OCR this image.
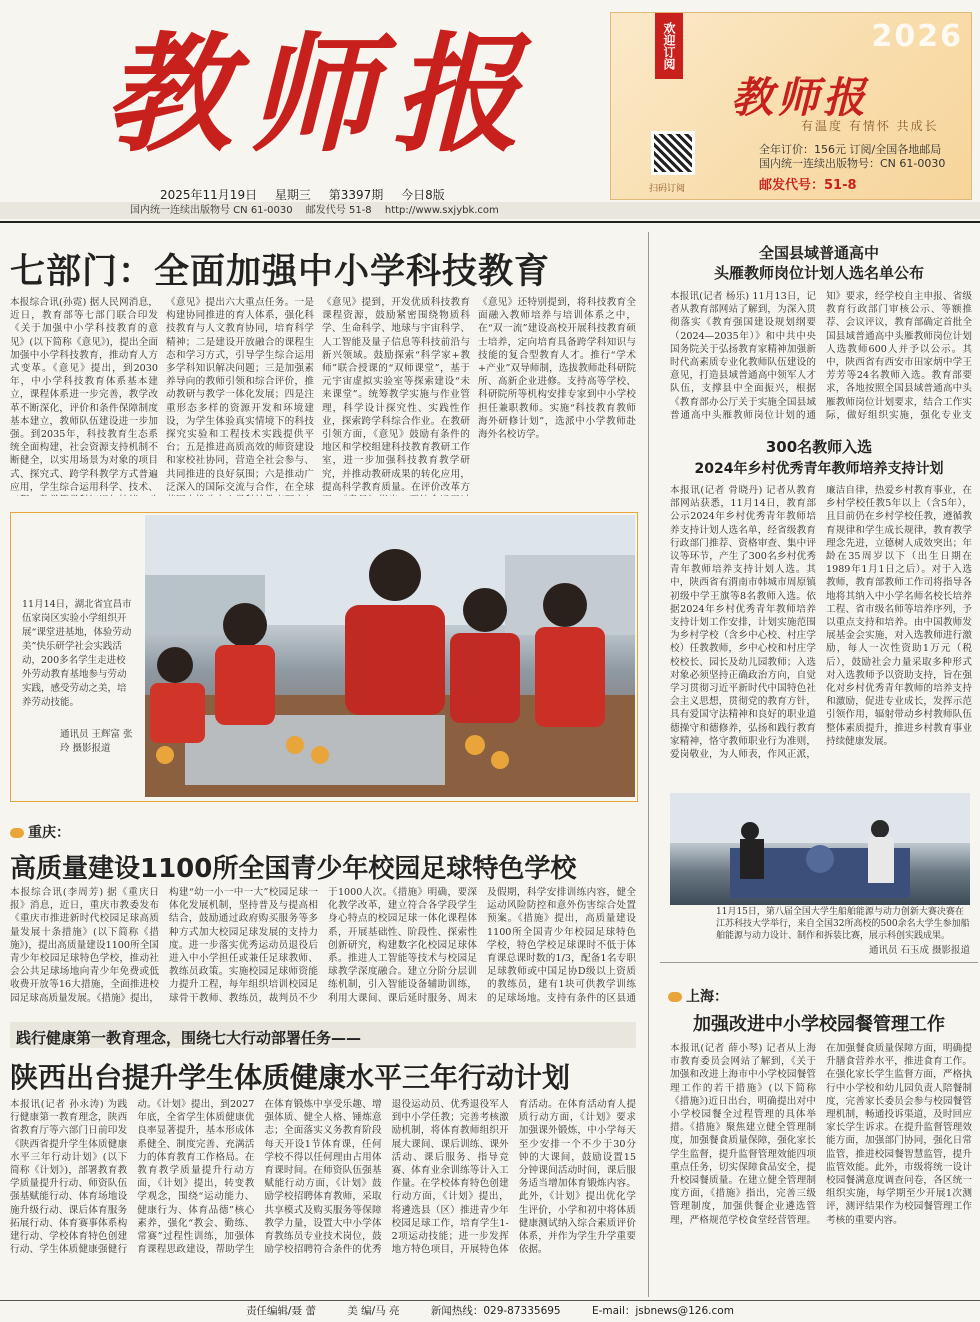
教师报
2025年11月19日 星期三 第3397期 今日8版
国内统一连续出版物号 CN 61-0030 邮发代号 51-8 http://www.sxjybk.com
欢迎订阅	2026
教师报
有温度 有情怀 共成长
扫码订阅
全年订价：156元 订阅/全国各地邮局
国内统一连续出版物号：CN 61-0030
邮发代号：51-8
七部门：全面加强中小学科技教育
本报综合讯(孙霓) 据人民网消息，近日，教育部等七部门联合印发《关于加强中小学科技教育的意见》(以下简称《意见》)，提出全面加强中小学科技教育，推动育人方式变革。《意见》提出，到2030年，中小学科技教育体系基本建立，课程体系进一步完善，教学改革不断深化，评价和条件保障制度基本建立，教师队伍建设进一步加强。到2035年，科技教育生态系统全面构建，社会资源支持机制不断健全，以实用场景为对象的项目式、探究式、跨学科教学方式普遍应用，学生综合运用科学、技术、
《意见》提出六大重点任务。一是构建协同推进的育人体系，强化科技教育与人文教育协同，培育科学精神；二是建设开放融合的课程生态和学习方式，引导学生综合运用多学科知识解决问题；三是加强素养导向的教师引领和综合评价，推动教研与教学一体化发展；四是注重形态多样的资源开发和环境建设，为学生体验真实情境下的科技探究实验和工程技术实践提供平台；五是推进高质高效的师资建设和家校社协同，营造全社会参与、共同推进的良好氛围；六是推动广泛深入的国际交流与合作，在全球
《意见》提到，开发优质科技教育课程资源，鼓励紧密围绕物质科学、生命科学、地球与宇宙科学、人工智能及量子信息等科技前沿与新兴领域。鼓励探索“科学家+教师”联合授课的“双师课堂”，基于元宇宙虚拟实验室等探索建设“未来课堂”。统筹教学实施与作业管理，科学设计探究性、实践性作业，探索跨学科综合作业。在教研引领方面，《意见》鼓励有条件的地区和学校组建科技教育教研工作室，进一步加强科技教育教学研究，并推动教研成果的转化应用，提高科学教育质量。在评价改革方
《意见》还特别提到，将科技教育全面融入教师培养与培训体系之中，在“双一流”建设高校开展科技教育硕士培养，定向培育具备跨学科知识与技能的复合型教育人才。推行“学术+产业”双导师制，选拔教师赴科研院所、高新企业进修。支持高等学校、科研院所等机构安排专家到中小学校担任兼职教师。实施“科技教育教师海外研修计划”，选派中小学教师赴海外名校访学。
11月14日，湖北省宜昌市伍家岗区实验小学组织开展“课堂进基地，体验劳动美”快乐研学社会实践活动，200多名学生走进校外劳动教育基地参与劳动实践，感受劳动之美，培养劳动技能。
通讯员 王辉富 张玲 摄影报道
重庆：
高质量建设1100所全国青少年校园足球特色学校
本报综合讯(李周芳) 据《重庆日报》消息，近日，重庆市教委发布《重庆市推进新时代校园足球高质量发展十条措施》(以下简称《措施》)，提出高质量建设1100所全国青少年校园足球特色学校，推动社会公共足球场地向青少年免费或低收费开放等16大措施，全面推进校园足球高质量发展。《措施》提出，构建“幼一小一中一大”校园足球一体化发展机制，坚持普及与提高相结合，鼓励通过政府购买服务等多种方式加大校园足球发展的支持力度。进一步落实优秀运动员退役后进入中小学担任或兼任足球教师、教练员政策。实施校园足球师资能力提升工程，每年组织培训校园足球骨干教师、教练员，裁判员不少于1000人次。《措施》明确，要深化教学改革，建立符合各学段学生身心特点的校园足球一体化课程体系，开展基础性、阶段性、探索性创新研究，构建数字化校园足球体系。推进人工智能等技术与校园足球教学深度融合。建立分阶分层训练机制，引入智能设备辅助训练，利用大课间、课后延时服务、周末及假期，科学安排训练内容，健全运动风险防控和意外伤害综合处置预案。《措施》提出，高质量建设1100所全国青少年校园足球特色学校，特色学校足球课时不低于体育课总课时数的1/3，配备1名专职足球教师或中国足协D级以上资质的教练员，建有1块可供教学训练的足球场地。支持有条件的区县通
践行健康第一教育理念，围绕七大行动部署任务——
陕西出台提升学生体质健康水平三年行动计划
本报讯(记者 孙永涛) 为践行健康第一教育理念，陕西省教育厅等六部门日前印发《陕西省提升学生体质健康水平三年行动计划》(以下简称《计划》)，部署教育教学质量提升行动、师资队伍强基赋能行动、体育场地设施升级行动、课后体育服务拓展行动、体育赛事体系构建行动、学校体育特色创建行动、学生体质健康强健行动。《计划》提出，到2027年底，全省学生体质健康优良率显著提升，基本形成体系健全、制度完善、充满活力的体育教育工作格局。在教育教学质量提升行动方面，《计划》提出，转变教学观念，围绕“运动能力、健康行为、体育品德”核心素养，强化“教会、勤练、常赛”过程性训练，加强体育课程思政建设，帮助学生在体育锻炼中享受乐趣、增强体质、健全人格、锤炼意志；全面落实义务教育阶段每天开设1节体育课，任何学校不得以任何理由占用体育课时间。在师资队伍强基赋能行动方面，《计划》鼓励学校招聘体育教师，采取共享模式及购买服务等保障教学力量，设置大中小学体育教练员专业技术岗位，鼓励学校招聘符合条件的优秀退役运动员、优秀退役军人到中小学任教；完善考核激励机制，将体育教师组织开展大课间、课后训练、课外活动、课后服务、指导竞赛、体育业余训练等计入工作量。在学校体育特色创建行动方面，《计划》提出，将遴选县（区）推进青少年校园足球工作，培育学生1-2项运动技能；进一步发挥地方特色项目，开展特色体育活动。在体育活动育人提质行动方面，《计划》要求加强课外锻炼，中小学每天至少安排一个不少于30分钟的大课间，鼓励设置15分钟课间活动时间，课后服务适当增加体育锻炼内容。此外，《计划》提出优化学生评价，小学和初中将体质健康测试纳入综合素质评价体系，并作为学生升学重要依据。
全国县域普通高中
头雁教师岗位计划人选名单公布
本报讯(记者 杨乐) 11月13日，记者从教育部网站了解到，为深入贯彻落实《教育强国建设规划纲要（2024—2035年）》和中共中央 国务院关于弘扬教育家精神加强新时代高素质专业化教师队伍建设的意见，打造县域普通高中领军人才队伍，支撑县中全面振兴，根据《教育部办公厅关于实施全国县域普通高中头雁教师岗位计划的通知》要求，经学校自主申报、省级教育行政部门审核公示、等额推荐、会议评议，教育部确定首批全国县域普通高中头雁教师岗位计划人选教师600人并予以公示。其中，陕西省有西安市田家炳中学王芳芳等24名教师入选。教育部要求，各地按照全国县域普通高中头雁教师岗位计划要求，结合工作实际，做好组织实施，强化专业支
300名教师入选
2024年乡村优秀青年教师培养支持计划
本报讯(记者 骨晓丹) 记者从教育部网站获悉，11月14日，教育部公示2024年乡村优秀青年教师培养支持计划人选名单，经省级教育行政部门推荐、资格审查、集中评议等环节，产生了300名乡村优秀青年教师培养支持计划人选。其中，陕西省有渭南市韩城市周原镇初级中学王旗等8名教师入选。依据2024年乡村优秀青年教师培养支持计划工作安排，计划实施范围为乡村学校（含乡中心校、村庄学校）任教教师，乡中心校和村庄学校校长、园长及幼儿园教师；入选对象必须坚持正确政治方向，自觉学习贯彻习近平新时代中国特色社会主义思想，贯彻党的教育方针，具有爱国守法精神和良好的职业道德操守和德修养，弘扬和践行教育家精神，恪守教师职业行为准则，爱岗敬业，为人师表，作风正派，廉洁自律，热爱乡村教育事业，在乡村学校任教5年以上（含5年），且目前仍在乡村学校任教，遵循教育规律和学生成长规律，教育教学理念先进，立德树人成效突出；年龄在35周岁以下（出生日期在1989年1月1日之后）。对于入选教师，教育部教师工作司将指导各地将其纳入中小学名师名校长培养工程、省市级名师等培养序列，予以重点支持和培养。由中国教师发展基金会实施，对入选教师进行激励，每人一次性资助1万元（税后），鼓励社会力量采取多种形式对入选教师予以资助支持，旨在强化对乡村优秀青年教师的培养支持和激励，促进专业成长，发挥示范引领作用，辐射带动乡村教师队伍整体素质提升，推进乡村教育事业持续健康发展。
11月15日，第八届全国大学生船舶能源与动力创新大赛决赛在江苏科技大学举行，来自全国32所高校的500余名大学生参加船舶能源与动力设计、制作和拆装比赛，展示科创实践成果。
通讯员 石玉成 摄影报道
上海：
加强改进中小学校园餐管理工作
本报讯(记者 薛小琴) 记者从上海市教育委员会网站了解到，《关于加强和改进上海市中小学校园餐管理工作的若干措施》(以下简称《措施》)近日出台，明确提出对中小学校园餐全过程管理的具体举措。《措施》聚焦建立健全管理制度，加强餐食质量保障，强化家长学生监督，提升监督管理效能四项重点任务，切实保障食品安全，提升校园餐质量。在建立健全管理制度方面，《措施》指出，完善三级管理制度，加强供餐企业遴选管理，严格规范学校食堂经营管理。在加强餐食质量保障方面，明确提升膳食营养水平，推进食育工作。在强化家长学生监督方面，严格执行中小学校和幼儿园负责人陪餐制度，完善家长委员会参与校园餐管理机制，畅通投诉渠道，及时回应家长学生诉求。在提升监督管理效能方面，加强部门协同，强化日常监管，推进校园餐智慧监管，提升监管效能。此外，市级将统一设计校园餐满意度调查问卷，各区统一组织实施，每学期至少开展1次测评，测评结果作为校园餐管理工作考核的重要内容。
责任编辑/聂 蕾	美 编/马 亮	新闻热线：029-87335695	E-mail：jsbnews@126.com
